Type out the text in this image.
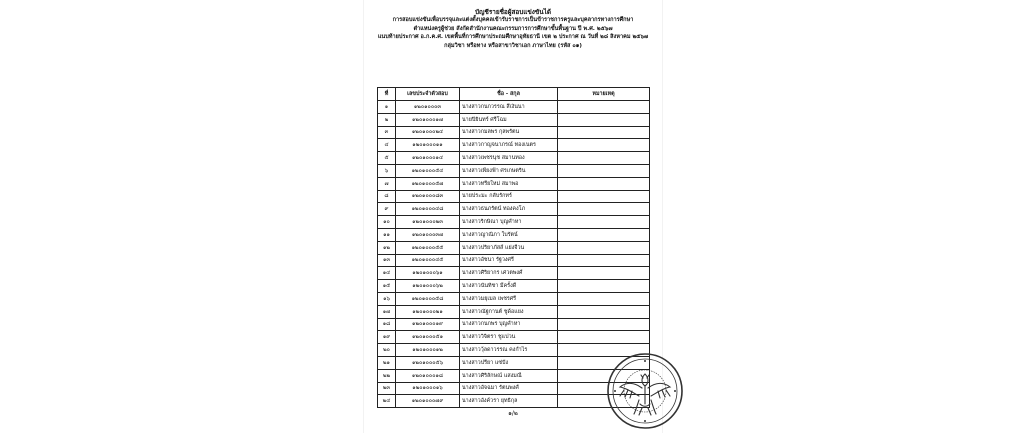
บัญชีรายชื่อผู้สอบแข่งขันได้
การสอบแข่งขันเพื่อบรรจุและแต่งตั้งบุคคลเข้ารับราชการเป็นข้าราชการครูและบุคลากรทางการศึกษา
ตำแหน่งครูผู้ช่วย สังกัดสำนักงานคณะกรรมการการศึกษาขั้นพื้นฐาน ปี พ.ศ. ๒๕๖๗
แนบท้ายประกาศ อ.ก.ค.ศ. เขตพื้นที่การศึกษาประถมศึกษาอุทัยธานี เขต ๒ ประกาศ ณ วันที่ ๒๘ สิงหาคม ๒๕๖๗
กลุ่มวิชา หรือทาง หรือสาขาวิชาเอก ภาษาไทย (รหัส ๐๑)
ที่	เลขประจำตัวสอบ	ชื่อ - สกุล	หมายเหตุ
๑	๑๒๐๑๐๐๐๓	นางสาวกนกวรรณ สีเงินนา	
๒	๑๒๐๑๐๐๐๑๗	นายปิยินทร์ ศรีโฉม	
๓	๑๒๐๑๐๐๐๒๔	นางสาวกมลพร กุลพรัตน	
๔	๑๒๐๑๐๐๐๑๑	นางสาวกาญจนาภรณ์ ทองเนตร	
๕	๑๒๐๑๐๐๐๑๔	นางสาวเพชรนุช สมานทอง	
๖	๑๒๐๑๐๐๐๕๔	นางสาวเพียงฟ้า ศรเกษตริน	
๗	๑๒๐๑๐๐๐๕๗	นางสาวทรียใหม่ สมาพอ	
๘	๑๒๐๑๐๐๐๘๓	นายประมะ กลับรักทร์	
๙	๑๒๐๑๐๐๐๔๘	นางสาวธนภรัตน์ ทองคงโภ	
๑๐	๑๒๐๑๐๐๐๒๓	นางสาวริกษิณา บุญคำหา	
๑๑	๑๒๐๑๐๐๐๓๗	นางสาวญาณิภา ใบรัตน์	
๑๒	๑๒๐๑๐๐๐๕๕	นางสาวปริยาภัสส์ แย่งจีวน	
๑๓	๑๒๐๑๐๐๐๔๕	นางสาวอัชนา รัฐวงศรี	
๑๔	๑๒๐๑๐๐๐๖๑	นางสาวศิริยากร เศวตพงศ์	
๑๕	๑๒๐๑๐๐๐๖๒	นางสาวนันทิชา มีครั้งดี	
๑๖	๑๒๐๑๐๐๐๕๘	นางสาวมยุเมล เพชรศรี	
๑๗	๑๒๐๑๐๐๐๒๑	นางสาวณัฐกานต์ ชูด้อแยง	
๑๘	๑๒๐๑๐๐๐๑๙	นางสาวกนกพร บุญคำหา	
๑๙	๑๒๐๑๐๐๐๕๑	นางสาววิจิตรา ชูแปวน	
๒๐	๑๒๐๑๐๐๐๑๒	นางสาววุ้ลดาวรรณ คงกำไร	
๒๑	๑๒๐๑๐๐๐๕๖	นางสาวปรียา แซ่ปัง	
๒๒	๑๒๐๑๐๐๐๑๘	นางสาวศิริลักษณ์ แสงมณี	
๒๓	๑๒๐๑๐๐๐๑๖	นางสาวอัจฉมา รัตนพงศ์	
๒๔	๑๒๐๑๐๐๐๗๙	นางสาวอังค์วรา ยุทธิกุล	
๑/๒
